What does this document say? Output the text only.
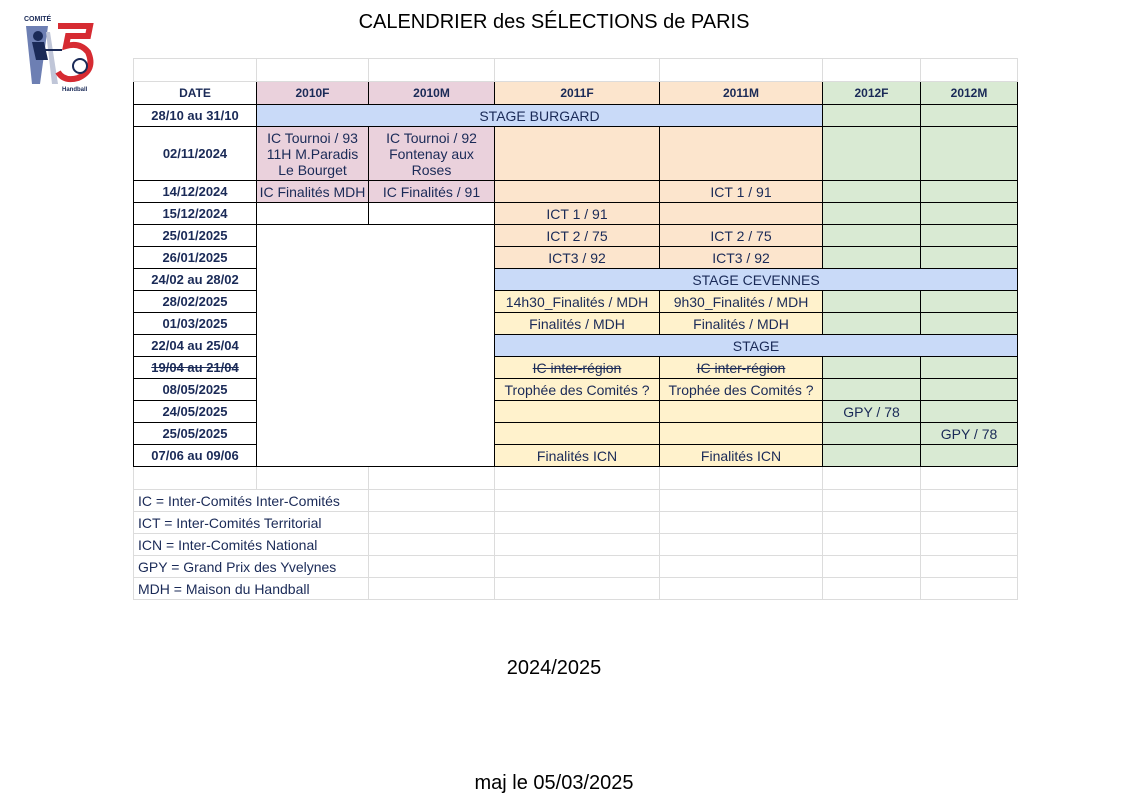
COMITÉ
Handball
CALENDRIER des SÉLECTIONS de PARIS

DATE	2010F	2010M	2011F	2011M	2012F	2012M
28/10 au 31/10	STAGE BURGARD					
02/11/2024	IC Tournoi / 93
11H M.Paradis
Le Bourget	IC Tournoi / 92
Fontenay aux Roses				
14/12/2024	IC Finalités MDH	IC Finalités / 91		ICT 1 / 91		
15/12/2024			ICT 1 / 91			
25/01/2025			ICT 2 / 75	ICT 2 / 75		
26/01/2025			ICT3 / 92	ICT3 / 92		
24/02 au 28/02			STAGE CEVENNES			
28/02/2025			14h30_Finalités / MDH	9h30_Finalités / MDH		
01/03/2025			Finalités / MDH	Finalités / MDH		
22/04 au 25/04			STAGE			
19/04 au 21/04			IC inter-région	IC inter-région		
08/05/2025			Trophée des Comités ?	Trophée des Comités ?		
24/05/2025					GPY / 78	
25/05/2025						GPY / 78
07/06 au 09/06			Finalités ICN	Finalités ICN		

IC = Inter-Comités Inter-Comités						
ICT = Inter-Comités Territorial						
ICN = Inter-Comités National						
GPY = Grand Prix des Yvelynes						
MDH = Maison du Handball						
2024/2025
maj le 05/03/2025
